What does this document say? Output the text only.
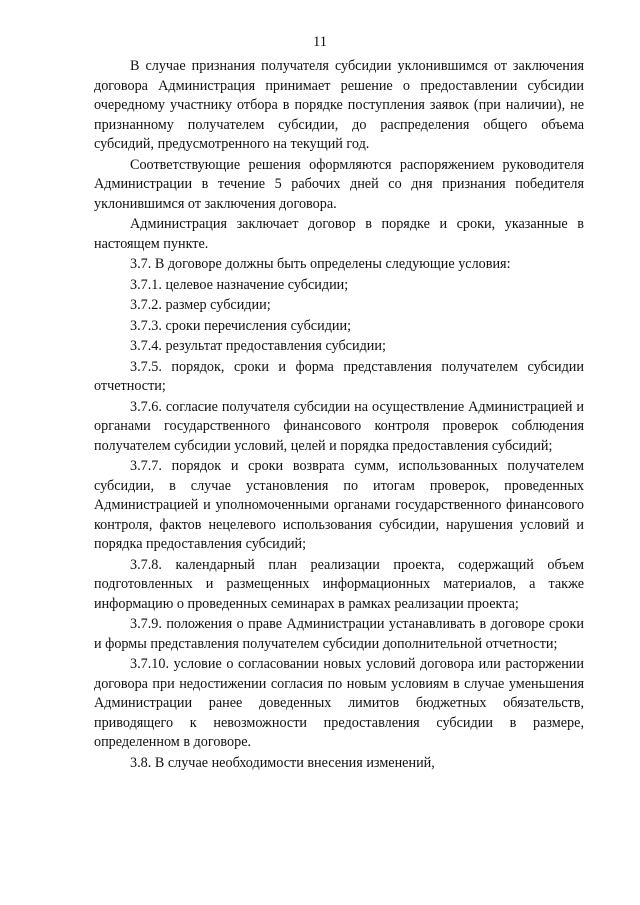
11

В случае признания получателя субсидии уклонившимся от заключения договора Администрация принимает решение о предоставлении субсидии очередному участнику отбора в порядке поступления заявок (при наличии), не признанному получателем субсидии, до распределения общего объема субсидий, предусмотренного на текущий год.

Соответствующие решения оформляются распоряжением руководителя Администрации в течение 5 рабочих дней со дня признания победителя уклонившимся от заключения договора.

Администрация заключает договор в порядке и сроки, указанные в настоящем пункте.

3.7. В договоре должны быть определены следующие условия:

3.7.1. целевое назначение субсидии;

3.7.2. размер субсидии;

3.7.3. сроки перечисления субсидии;

3.7.4. результат предоставления субсидии;

3.7.5. порядок, сроки и форма представления получателем субсидии отчетности;

3.7.6. согласие получателя субсидии на осуществление Администрацией и органами государственного финансового контроля проверок соблюдения получателем субсидии условий, целей и порядка предоставления субсидий;

3.7.7. порядок и сроки возврата сумм, использованных получателем субсидии, в случае установления по итогам проверок, проведенных Администрацией и уполномоченными органами государственного финансового контроля, фактов нецелевого использования субсидии, нарушения условий и порядка предоставления субсидий;

3.7.8. календарный план реализации проекта, содержащий объем подготовленных и размещенных информационных материалов, а также информацию о проведенных семинарах в рамках реализации проекта;

3.7.9. положения о праве Администрации устанавливать в договоре сроки и формы представления получателем субсидии дополнительной отчетности;

3.7.10. условие о согласовании новых условий договора или расторжении договора при недостижении согласия по новым условиям в случае уменьшения Администрации ранее доведенных лимитов бюджетных обязательств, приводящего к невозможности предоставления субсидии в размере, определенном в договоре.

3.8. В случае необходимости внесения изменений,
